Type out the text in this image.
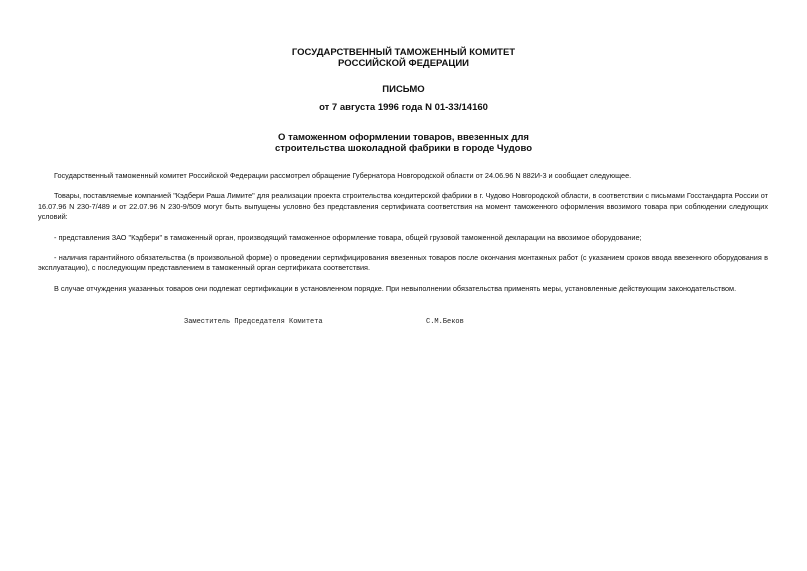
ГОСУДАРСТВЕННЫЙ ТАМОЖЕННЫЙ КОМИТЕТ
РОССИЙСКОЙ ФЕДЕРАЦИИ
ПИСЬМО
от 7 августа 1996 года N 01-33/14160
О таможенном оформлении товаров, ввезенных для
строительства шоколадной фабрики в городе Чудово

Государственный таможенный комитет Российской Федерации рассмотрел обращение Губернатора Новгородской области от 24.06.96 N 882И-3 и сообщает следующее.

Товары, поставляемые компанией "Кэдбери Раша Лимите" для реализации проекта строительства кондитерской фабрики в г. Чудово Новгородской области, в соответствии с письмами Госстандарта России от 16.07.96 N 230-7/489 и от 22.07.96 N 230-9/509 могут быть выпущены условно без представления сертификата соответствия на момент таможенного оформления ввозимого товара при соблюдении следующих условий:

- представления ЗАО "Кэдбери" в таможенный орган, производящий таможенное оформление товара, общей грузовой таможенной декларации на ввозимое оборудование;

- наличия гарантийного обязательства (в произвольной форме) о проведении сертифицирования ввезенных товаров после окончания монтажных работ (с указанием сроков ввода ввезенного оборудования в эксплуатацию), с последующим представлением в таможенный орган сертификата соответствия.

В случае отчуждения указанных товаров они подлежат сертификации в установленном порядке. При невыполнении обязательства применять меры, установленные действующим законодательством.

Заместитель Председателя Комитета	С.М.Беков
